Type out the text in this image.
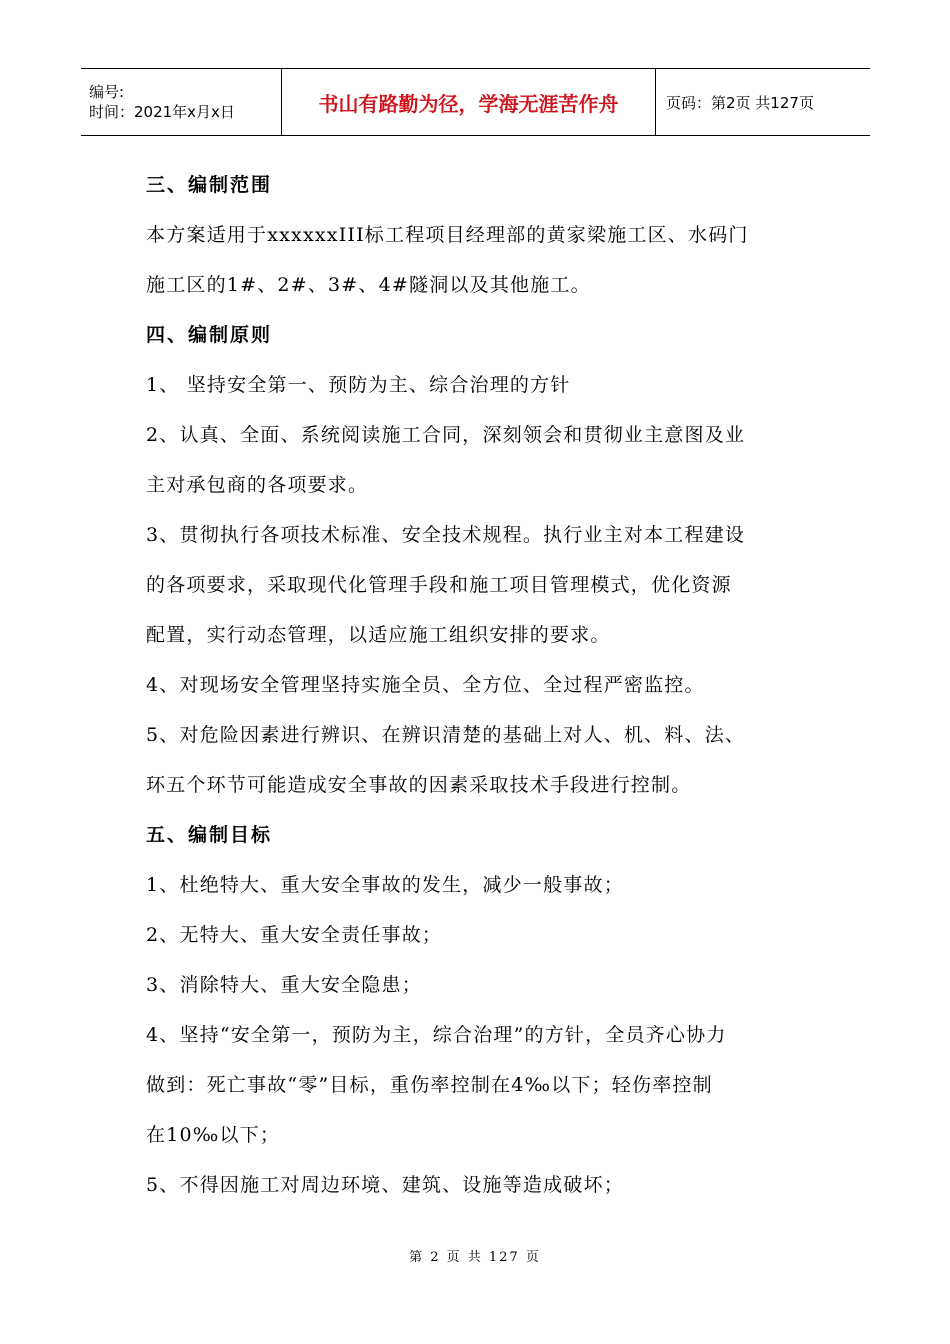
编号:
时间：2021年x月x日	书山有路勤为径，学海无涯苦作舟	页码：第2页 共127页
三、编制范围
本方案适用于xxxxxxIII标工程项目经理部的黄家梁施工区、水码门
施工区的1#、2#、3#、4#隧洞以及其他施工。
四、编制原则
1、 坚持安全第一、预防为主、综合治理的方针
2、认真、全面、系统阅读施工合同，深刻领会和贯彻业主意图及业
主对承包商的各项要求。
3、贯彻执行各项技术标准、安全技术规程。执行业主对本工程建设
的各项要求，采取现代化管理手段和施工项目管理模式，优化资源
配置，实行动态管理，以适应施工组织安排的要求。
4、对现场安全管理坚持实施全员、全方位、全过程严密监控。
5、对危险因素进行辨识、在辨识清楚的基础上对人、机、料、法、
环五个环节可能造成安全事故的因素采取技术手段进行控制。
五、编制目标
1、杜绝特大、重大安全事故的发生，减少一般事故；
2、无特大、重大安全责任事故；
3、消除特大、重大安全隐患；
4、坚持“安全第一，预防为主，综合治理”的方针，全员齐心协力
做到：死亡事故“零”目标，重伤率控制在4‰以下；轻伤率控制
在10‰以下；
5、不得因施工对周边环境、建筑、设施等造成破坏；
第 2 页 共 127 页
